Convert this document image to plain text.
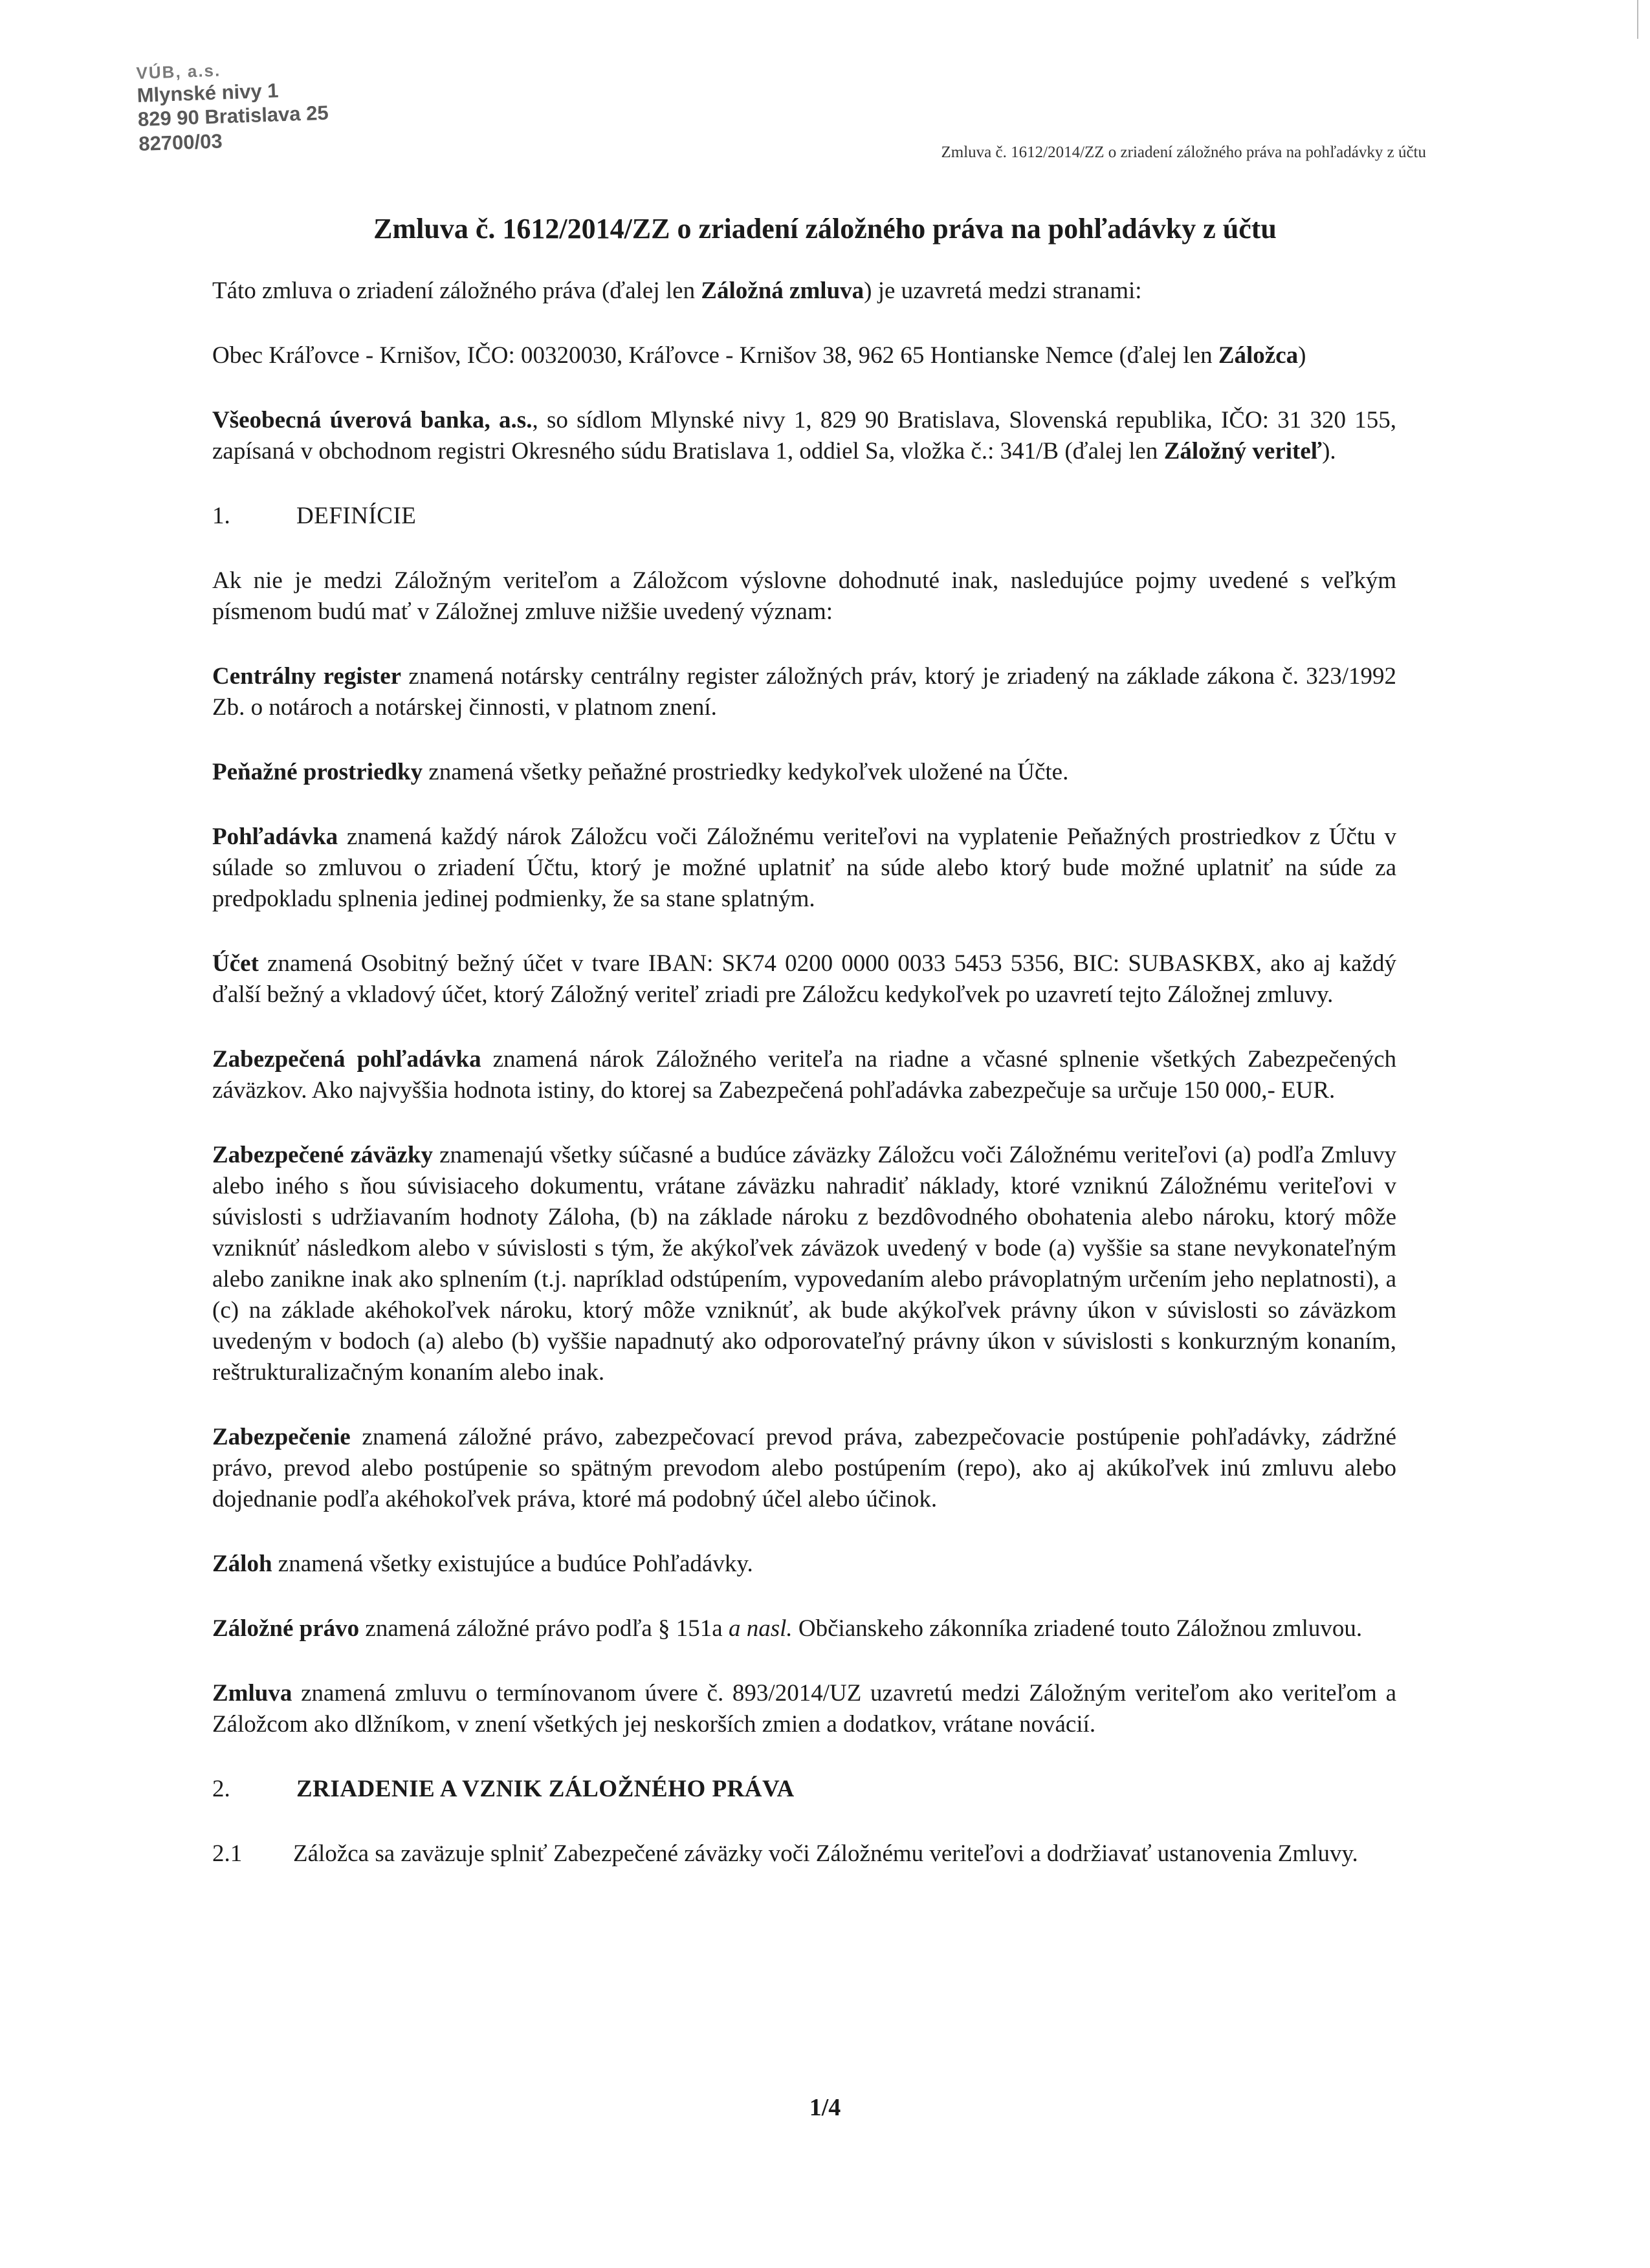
VÚB, a.s.
Mlynské nivy 1
829 90 Bratislava 25
82700/03	Zmluva č. 1612/2014/ZZ o zriadení záložného práva na pohľadávky z účtu
Zmluva č. 1612/2014/ZZ o zriadení záložného práva na pohľadávky z účtu

Táto zmluva o zriadení záložného práva (ďalej len Záložná zmluva) je uzavretá medzi stranami:

Obec Kráľovce - Krnišov, IČO: 00320030, Kráľovce - Krnišov 38, 962 65 Hontianske Nemce (ďalej len Záložca)

Všeobecná úverová banka, a.s., so sídlom Mlynské nivy 1, 829 90 Bratislava, Slovenská republika, IČO: 31 320 155, zapísaná v obchodnom registri Okresného súdu Bratislava 1, oddiel Sa, vložka č.: 341/B (ďalej len Záložný veriteľ).

1.	DEFINÍCIE

Ak nie je medzi Záložným veriteľom a Záložcom výslovne dohodnuté inak, nasledujúce pojmy uvedené s veľkým písmenom budú mať v Záložnej zmluve nižšie uvedený význam:

Centrálny register znamená notársky centrálny register záložných práv, ktorý je zriadený na základe zákona č. 323/1992 Zb. o notároch a notárskej činnosti, v platnom znení.

Peňažné prostriedky znamená všetky peňažné prostriedky kedykoľvek uložené na Účte.

Pohľadávka znamená každý nárok Záložcu voči Záložnému veriteľovi na vyplatenie Peňažných prostriedkov z Účtu v súlade so zmluvou o zriadení Účtu, ktorý je možné uplatniť na súde alebo ktorý bude možné uplatniť na súde za predpokladu splnenia jedinej podmienky, že sa stane splatným.

Účet znamená Osobitný bežný účet v tvare IBAN: SK74 0200 0000 0033 5453 5356, BIC: SUBASKBX, ako aj každý ďalší bežný a vkladový účet, ktorý Záložný veriteľ zriadi pre Záložcu kedykoľvek po uzavretí tejto Záložnej zmluvy.

Zabezpečená pohľadávka znamená nárok Záložného veriteľa na riadne a včasné splnenie všetkých Zabezpečených záväzkov. Ako najvyššia hodnota istiny, do ktorej sa Zabezpečená pohľadávka zabezpečuje sa určuje 150 000,- EUR.

Zabezpečené záväzky znamenajú všetky súčasné a budúce záväzky Záložcu voči Záložnému veriteľovi (a) podľa Zmluvy alebo iného s ňou súvisiaceho dokumentu, vrátane záväzku nahradiť náklady, ktoré vzniknú Záložnému veriteľovi v súvislosti s udržiavaním hodnoty Záloha, (b) na základe nároku z bezdôvodného obohatenia alebo nároku, ktorý môže vzniknúť následkom alebo v súvislosti s tým, že akýkoľvek záväzok uvedený v bode (a) vyššie sa stane nevykonateľným alebo zanikne inak ako splnením (t.j. napríklad odstúpením, vypovedaním alebo právoplatným určením jeho neplatnosti), a (c) na základe akéhokoľvek nároku, ktorý môže vzniknúť, ak bude akýkoľvek právny úkon v súvislosti so záväzkom uvedeným v bodoch (a) alebo (b) vyššie napadnutý ako odporovateľný právny úkon v súvislosti s konkurzným konaním, reštrukturalizačným konaním alebo inak.

Zabezpečenie znamená záložné právo, zabezpečovací prevod práva, zabezpečovacie postúpenie pohľadávky, zádržné právo, prevod alebo postúpenie so spätným prevodom alebo postúpením (repo), ako aj akúkoľvek inú zmluvu alebo dojednanie podľa akéhokoľvek práva, ktoré má podobný účel alebo účinok.

Záloh znamená všetky existujúce a budúce Pohľadávky.

Záložné právo znamená záložné právo podľa § 151a a nasl. Občianskeho zákonníka zriadené touto Záložnou zmluvou.

Zmluva znamená zmluvu o termínovanom úvere č. 893/2014/UZ uzavretú medzi Záložným veriteľom ako veriteľom a Záložcom ako dlžníkom, v znení všetkých jej neskorších zmien a dodatkov, vrátane novácií.

2.	ZRIADENIE A VZNIK ZÁLOŽNÉHO PRÁVA
2.1	Záložca sa zaväzuje splniť Zabezpečené záväzky voči Záložnému veriteľovi a dodržiavať ustanovenia Zmluvy.
1/4
